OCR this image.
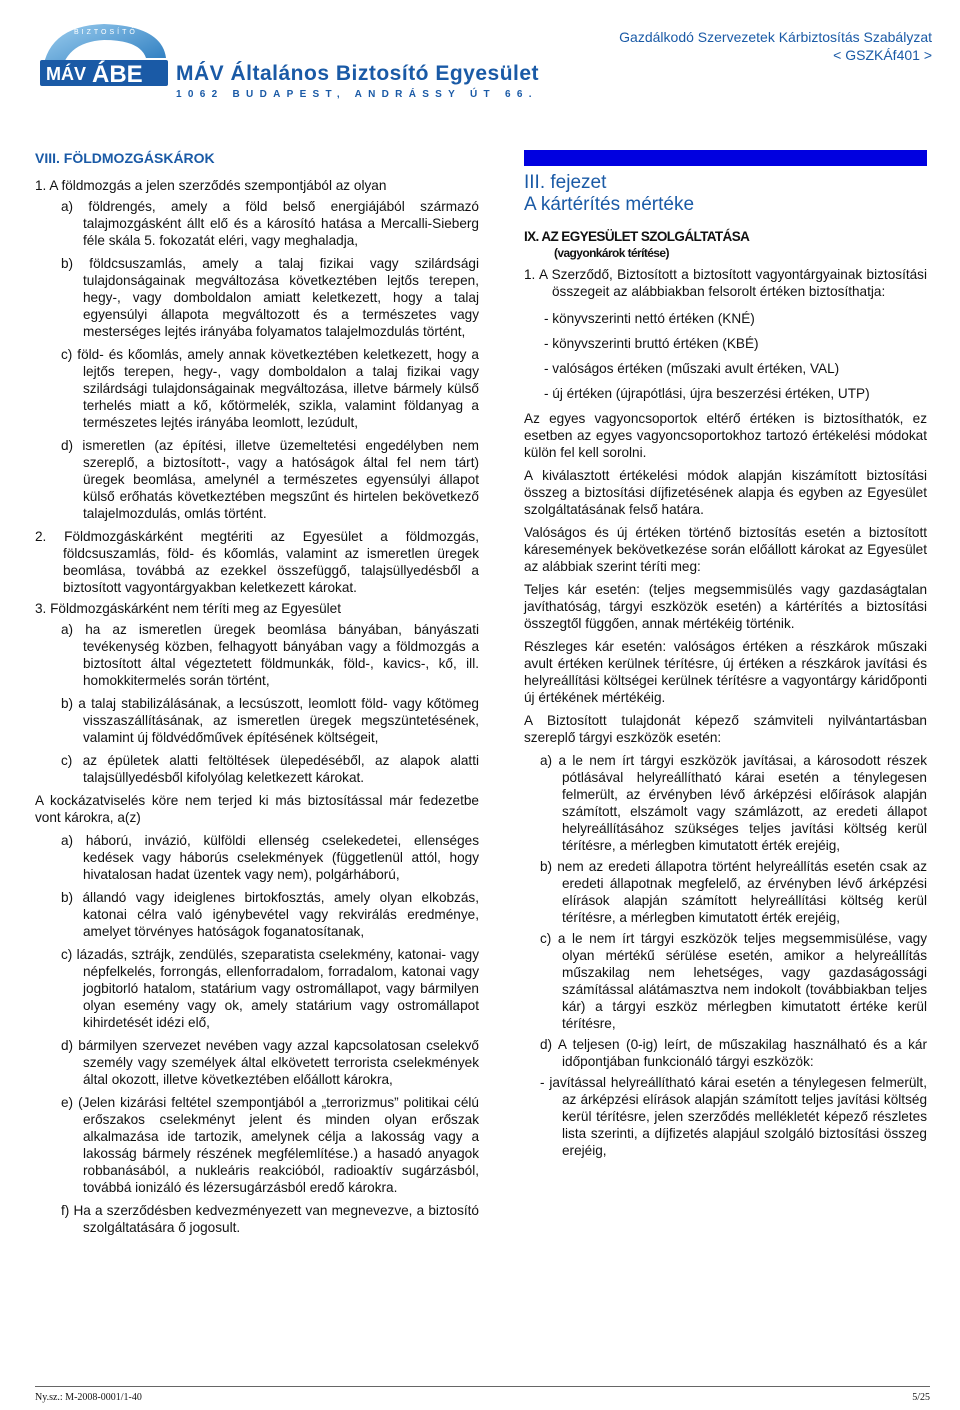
MÁV ÁBE
BIZTOSÍTÓ
MÁV Általános Biztosító Egyesület
1062 BUDAPEST, ANDRÁSSY ÚT 66.
Gazdálkodó Szervezetek Kárbiztosítás Szabályzat
< GSZKÁf401 >
VIII. FÖLDMOZGÁSKÁROK
1. A földmozgás a jelen szerződés szempontjából az olyan
a) földrengés, amely a föld belső energiájából származó talajmozgásként állt elő és a károsító hatása a Mercalli-Sieberg féle skála 5. fokozatát eléri, vagy meghaladja,
b) földcsuszamlás, amely a talaj fizikai vagy szilárdsági tulajdonságainak megváltozása következtében lejtős terepen, hegy-, vagy domboldalon amiatt keletkezett, hogy a talaj egyensúlyi állapota megváltozott és a természetes vagy mesterséges lejtés irányába folyamatos talajelmozdulás történt,
c) föld- és kőomlás, amely annak következtében keletkezett, hogy a lejtős terepen, hegy-, vagy domboldalon a talaj fizikai vagy szilárdsági tulajdonságainak megváltozása, illetve bármely külső terhelés miatt a kő, kőtörmelék, szikla, valamint földanyag a természetes lejtés irányába leomlott, lezúdult,
d) ismeretlen (az építési, illetve üzemeltetési engedélyben nem szereplő, a biztosított-, vagy a hatóságok által fel nem tárt) üregek beomlása, amelynél a természetes egyensúlyi állapot külső erőhatás következtében megszűnt és hirtelen bekövetkező talajelmozdulás, omlás történt.
2. Földmozgáskárként megtériti az Egyesület a földmozgás, földcsuszamlás, föld- és kőomlás, valamint az ismeretlen üregek beomlása, továbbá az ezekkel összefüggő, talajsüllyedésből a biztosított vagyontárgyakban keletkezett károkat.
3. Földmozgáskárként nem téríti meg az Egyesület
a) ha az ismeretlen üregek beomlása bányában, bányászati tevékenység közben, felhagyott bányában vagy a földmozgás a biztosított által végeztetett földmunkák, föld-, kavics-, kő, ill. homokkitermelés során történt,
b) a talaj stabilizálásának, a lecsúszott, leomlott föld- vagy kőtömeg visszaszállításának, az ismeretlen üregek megszüntetésének, valamint új földvédőművek építésének költségeit,
c) az épületek alatti feltöltések ülepedéséből, az alapok alatti talajsüllyedésből kifolyólag keletkezett károkat.
A kockázatviselés köre nem terjed ki más biztosítással már fedezetbe vont károkra, a(z)
a) háború, invázió, külföldi ellenség cselekedetei, ellenséges kedések vagy háborús cselekmények (függetlenül attól, hogy hivatalosan hadat üzentek vagy nem), polgárháború,
b) állandó vagy ideiglenes birtokfosztás, amely olyan elkobzás, katonai célra való igénybevétel vagy rekvirálás eredménye, amelyet törvényes hatóságok foganatosítanak,
c) lázadás, sztrájk, zendülés, szeparatista cselekmény, katonai- vagy népfelkelés, forrongás, ellenforradalom, forradalom, katonai vagy jogbitorló hatalom, statárium vagy ostromállapot, vagy bármilyen olyan esemény vagy ok, amely statárium vagy ostromállapot kihirdetését idézi elő,
d) bármilyen szervezet nevében vagy azzal kapcsolatosan cselekvő személy vagy személyek által elkövetett terrorista cselekmények által okozott, illetve következtében előállott károkra,
e) (Jelen kizárási feltétel szempontjából a „terrorizmus” politikai célú erőszakos cselekményt jelent és minden olyan erőszak alkalmazása ide tartozik, amelynek célja a lakosság vagy a lakosság bármely részének megfélemlítése.) a hasadó anyagok robbanásából, a nukleáris reakcióból, radioaktív sugárzásból, továbbá ionizáló és lézersugárzásból eredő károkra.
f) Ha a szerződésben kedvezményezett van megnevezve, a biztosító szolgáltatására ő jogosult.
III. fejezet
A kártérítés mértéke
IX. AZ EGYESÜLET SZOLGÁLTATÁSA
(vagyonkárok térítése)
1. A Szerződő, Biztosított a biztosított vagyontárgyainak biztosítási összegeit az alábbiakban felsorolt értéken biztosíthatja:
- könyvszerinti nettó értéken (KNÉ)
- könyvszerinti bruttó értéken (KBÉ)
- valóságos értéken (műszaki avult értéken, VAL)
- új értéken (újrapótlási, újra beszerzési értéken, UTP)
Az egyes vagyoncsoportok eltérő értéken is biztosíthatók, ez esetben az egyes vagyoncsoportokhoz tartozó értékelési módokat külön fel kell sorolni.
A kiválasztott értékelési módok alapján kiszámított biztosítási összeg a biztosítási díjfizetésének alapja és egyben az Egyesület szolgáltatásának felső határa.
Valóságos és új értéken történő biztosítás esetén a biztosított káresemények bekövetkezése során előállott károkat az Egyesület az alábbiak szerint téríti meg:
Teljes kár esetén: (teljes megsemmisülés vagy gazdaságtalan javíthatóság, tárgyi eszközök esetén) a kártérítés a biztosítási összegtől függően, annak mértékéig történik.
Részleges kár esetén: valóságos értéken a részkárok műszaki avult értéken kerülnek térítésre, új értéken a részkárok javítási és helyreállítási költségei kerülnek térítésre a vagyontárgy káridőponti új értékének mértékéig.
A Biztosított tulajdonát képező számviteli nyilvántartásban szereplő tárgyi eszközök esetén:
a) a le nem írt tárgyi eszközök javításai, a károsodott részek pótlásával helyreállítható kárai esetén a ténylegesen felmerült, az érvényben lévő árképzési előírások alapján számított, elszámolt vagy számlázott, az eredeti állapot helyreállításához szükséges teljes javítási költség kerül térítésre, a mérlegben kimutatott érték erejéig,
b) nem az eredeti állapotra történt helyreállítás esetén csak az eredeti állapotnak megfelelő, az érvényben lévő árképzési elírások alapján számított helyreállítási költség kerül térítésre, a mérlegben kimutatott érték erejéig,
c) a le nem írt tárgyi eszközök teljes megsemmisülése, vagy olyan mértékű sérülése esetén, amikor a helyreállítás műszakilag nem lehetséges, vagy gazdaságossági számítással alátámasztva nem indokolt (továbbiakban teljes kár) a tárgyi eszköz mérlegben kimutatott értéke kerül térítésre,
d) A teljesen (0-ig) leírt, de műszakilag használható és a kár időpontjában funkcionáló tárgyi eszközök:
- javítással helyreállítható kárai esetén a ténylegesen felmerült, az árképzési elírások alapján számított teljes javítási költség kerül térítésre, jelen szerződés mellékletét képező részletes lista szerinti, a díjfizetés alapjául szolgáló biztosítási összeg erejéig,
Ny.sz.: M-2008-0001/1-40	5/25
